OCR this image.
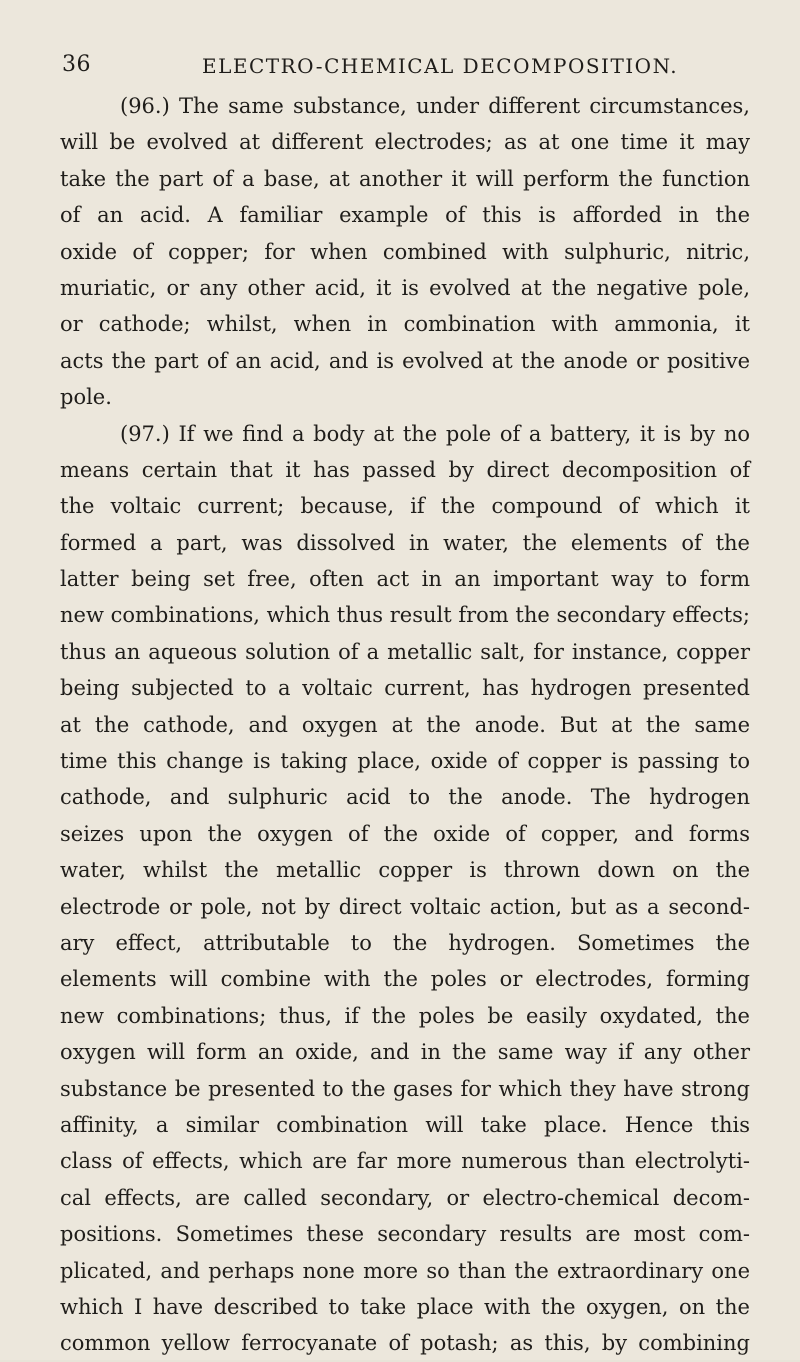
36	ELECTRO-CHEMICAL DECOMPOSITION.
(96.) The same substance, under different circumstances,
will be evolved at different electrodes; as at one time it may
take the part of a base, at another it will perform the function
of an acid. A familiar example of this is afforded in the
oxide of copper; for when combined with sulphuric, nitric,
muriatic, or any other acid, it is evolved at the negative pole,
or cathode; whilst, when in combination with ammonia, it
acts the part of an acid, and is evolved at the anode or positive
pole.
(97.) If we find a body at the pole of a battery, it is by no
means certain that it has passed by direct decomposition of
the voltaic current; because, if the compound of which it
formed a part, was dissolved in water, the elements of the
latter being set free, often act in an important way to form
new combinations, which thus result from the secondary effects;
thus an aqueous solution of a metallic salt, for instance, copper
being subjected to a voltaic current, has hydrogen presented
at the cathode, and oxygen at the anode. But at the same
time this change is taking place, oxide of copper is passing to
cathode, and sulphuric acid to the anode. The hydrogen
seizes upon the oxygen of the oxide of copper, and forms
water, whilst the metallic copper is thrown down on the
electrode or pole, not by direct voltaic action, but as a second-
ary effect, attributable to the hydrogen. Sometimes the
elements will combine with the poles or electrodes, forming
new combinations; thus, if the poles be easily oxydated, the
oxygen will form an oxide, and in the same way if any other
substance be presented to the gases for which they have strong
affinity, a similar combination will take place. Hence this
class of effects, which are far more numerous than electrolyti-
cal effects, are called secondary, or electro-chemical decom-
positions. Sometimes these secondary results are most com-
plicated, and perhaps none more so than the extraordinary one
which I have described to take place with the oxygen, on the
common yellow ferrocyanate of potash; as this, by combining
